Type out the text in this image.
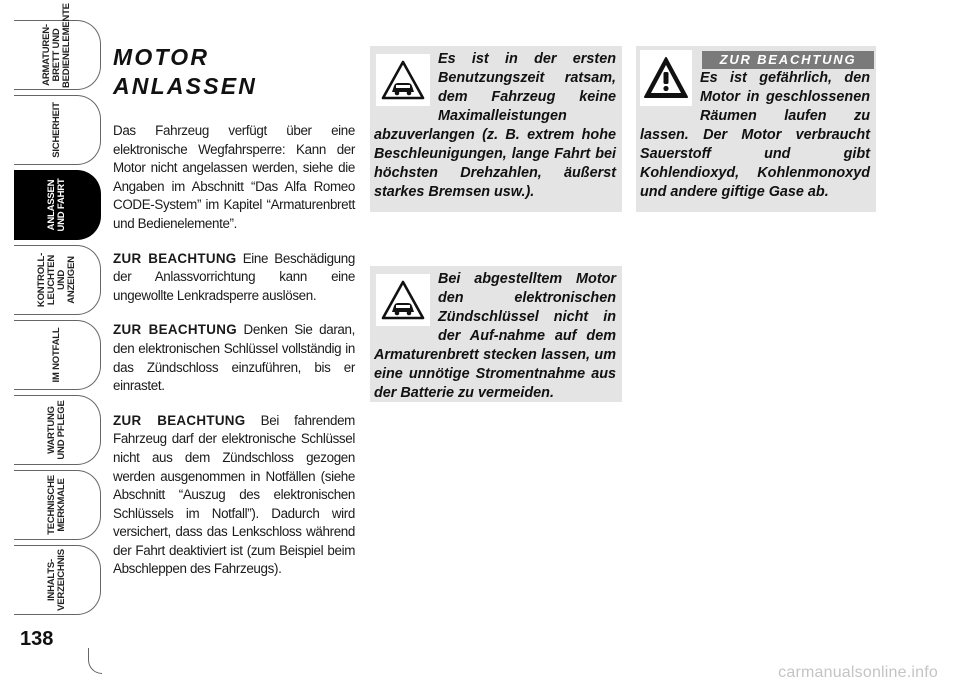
ARMATUREN-
BRETT UND
BEDIENELEMENTE
SICHERHEIT
ANLASSEN
UND FAHRT
KONTROLL-
LEUCHTEN
UND ANZEIGEN
IM NOTFALL
WARTUNG
UND PFLEGE
TECHNISCHE
MERKMALE
INHALTS-
VERZEICHNIS
138
MOTOR
ANLASSEN

Das Fahrzeug verfügt über eine elektronische Wegfahrsperre: Kann der Motor nicht angelassen werden, siehe die Angaben im Abschnitt “Das Alfa Romeo CODE-System” im Kapitel “Armaturenbrett und Bedienelemente”.

ZUR BEACHTUNG Eine Beschädigung der Anlassvorrichtung kann eine ungewollte Lenkradsperre auslösen.

ZUR BEACHTUNG Denken Sie daran, den elektronischen Schlüssel vollständig in das Zündschloss einzuführen, bis er einrastet.

ZUR BEACHTUNG Bei fahrendem Fahrzeug darf der elektronische Schlüssel nicht aus dem Zündschloss gezogen werden ausgenommen in Notfällen (siehe Abschnitt “Auszug des elektronischen Schlüssels im Notfall”). Dadurch wird versichert, dass das Lenkschloss während der Fahrt deaktiviert ist (zum Beispiel beim Abschleppen des Fahrzeugs).

Es ist in der ersten Benutzungszeit ratsam, dem Fahrzeug keine Maximalleistungen abzuverlangen (z. B. extrem hohe Beschleunigungen, lange Fahrt bei höchsten Drehzahlen, äußerst starkes Bremsen usw.).
Bei abgestelltem Motor den elektronischen Zündschlüssel nicht in der Auf-nahme auf dem Armaturenbrett stecken lassen, um eine unnötige Stromentnahme aus der Batterie zu vermeiden.
ZUR BEACHTUNG
Es ist gefährlich, den Motor in geschlossenen Räumen laufen zu lassen. Der Motor verbraucht Sauerstoff und gibt Kohlendioxyd, Kohlenmonoxyd und andere giftige Gase ab.
carmanualsonline.info
